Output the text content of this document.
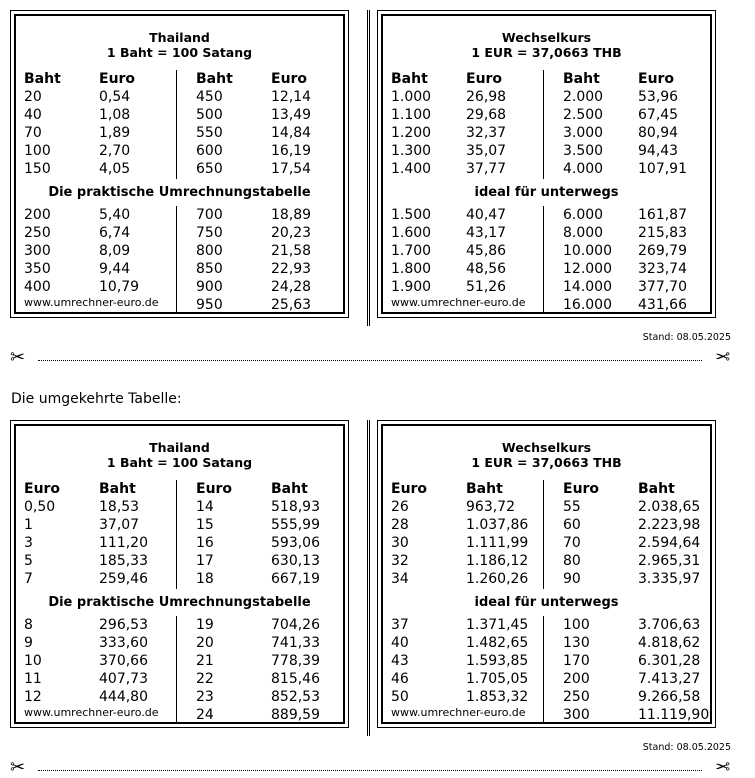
Thailand
1 Baht = 100 Satang
Baht
20
40
70
100
150
Euro
0,54
1,08
1,89
2,70
4,05
Baht
450
500
550
600
650
Euro
12,14
13,49
14,84
16,19
17,54
Die praktische Umrechnungstabelle
200
250
300
350
400
5,40
6,74
8,09
9,44
10,79
700
750
800
850
900
950
18,89
20,23
21,58
22,93
24,28
25,63
www.umrechner-euro.de
Wechselkurs
1 EUR = 37,0663 THB
Baht
1.000
1.100
1.200
1.300
1.400
Euro
26,98
29,68
32,37
35,07
37,77
Baht
2.000
2.500
3.000
3.500
4.000
Euro
53,96
67,45
80,94
94,43
107,91
ideal für unterwegs
1.500
1.600
1.700
1.800
1.900
40,47
43,17
45,86
48,56
51,26
6.000
8.000
10.000
12.000
14.000
16.000
161,87
215,83
269,79
323,74
377,70
431,66
www.umrechner-euro.de
Stand: 08.05.2025
✂	✂
Thailand
1 Baht = 100 Satang
Euro
0,50
1
3
5
7
Baht
18,53
37,07
111,20
185,33
259,46
Euro
14
15
16
17
18
Baht
518,93
555,99
593,06
630,13
667,19
Die praktische Umrechnungstabelle
8
9
10
11
12
296,53
333,60
370,66
407,73
444,80
19
20
21
22
23
24
704,26
741,33
778,39
815,46
852,53
889,59
www.umrechner-euro.de
Wechselkurs
1 EUR = 37,0663 THB
Euro
26
28
30
32
34
Baht
963,72
1.037,86
1.111,99
1.186,12
1.260,26
Euro
55
60
70
80
90
Baht
2.038,65
2.223,98
2.594,64
2.965,31
3.335,97
ideal für unterwegs
37
40
43
46
50
1.371,45
1.482,65
1.593,85
1.705,05
1.853,32
100
130
170
200
250
300
3.706,63
4.818,62
6.301,28
7.413,27
9.266,58
11.119,90
www.umrechner-euro.de
Stand: 08.05.2025
✂	✂
Die umgekehrte Tabelle:
